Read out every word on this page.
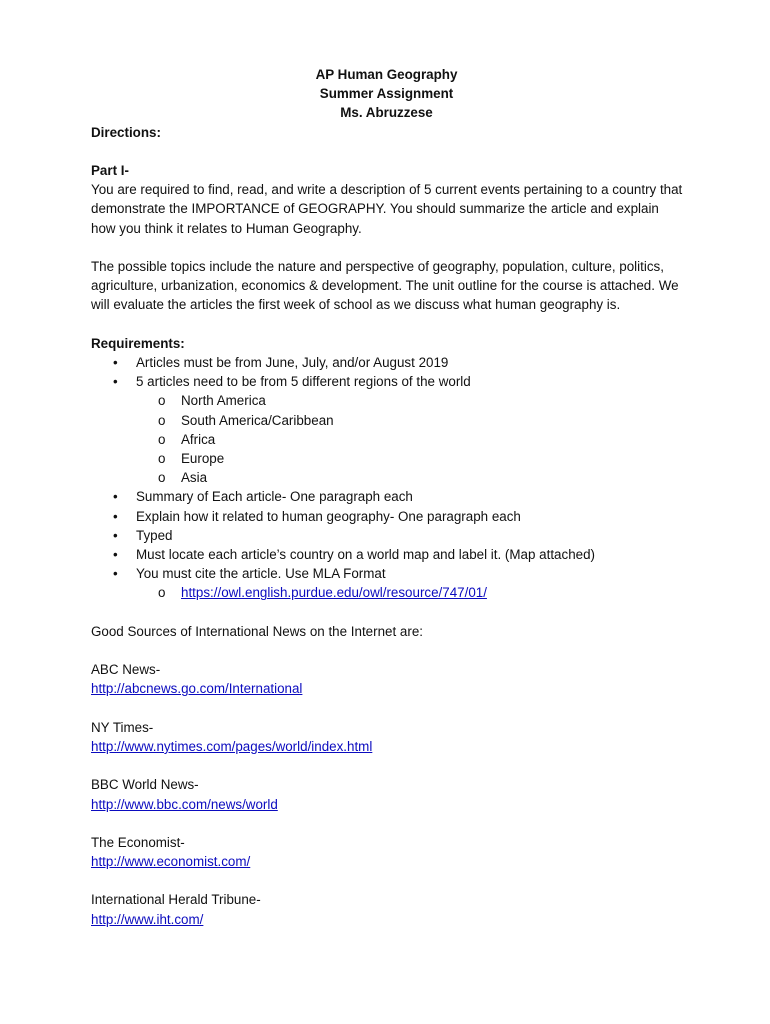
AP Human Geography
Summer Assignment
Ms. Abruzzese

Directions:

Part I-

You are required to find, read, and write a description of 5 current events pertaining to a country that demonstrate the IMPORTANCE of GEOGRAPHY. You should summarize the article and explain how you think it relates to Human Geography.

The possible topics include the nature and perspective of geography, population, culture, politics, agriculture, urbanization, economics & development. The unit outline for the course is attached. We will evaluate the articles the first week of school as we discuss what human geography is.

Requirements:

• Articles must be from June, July, and/or August 2019
• 5 articles need to be from 5 different regions of the world
o North America
o South America/Caribbean
o Africa
o Europe
o Asia
• Summary of Each article- One paragraph each
• Explain how it related to human geography- One paragraph each
• Typed
• Must locate each article’s country on a world map and label it. (Map attached)
• You must cite the article. Use MLA Format
o https://owl.english.purdue.edu/owl/resource/747/01/

Good Sources of International News on the Internet are:

ABC News-
http://abcnews.go.com/International
NY Times-
http://www.nytimes.com/pages/world/index.html
BBC World News-
http://www.bbc.com/news/world
The Economist-
http://www.economist.com/
International Herald Tribune-
http://www.iht.com/
